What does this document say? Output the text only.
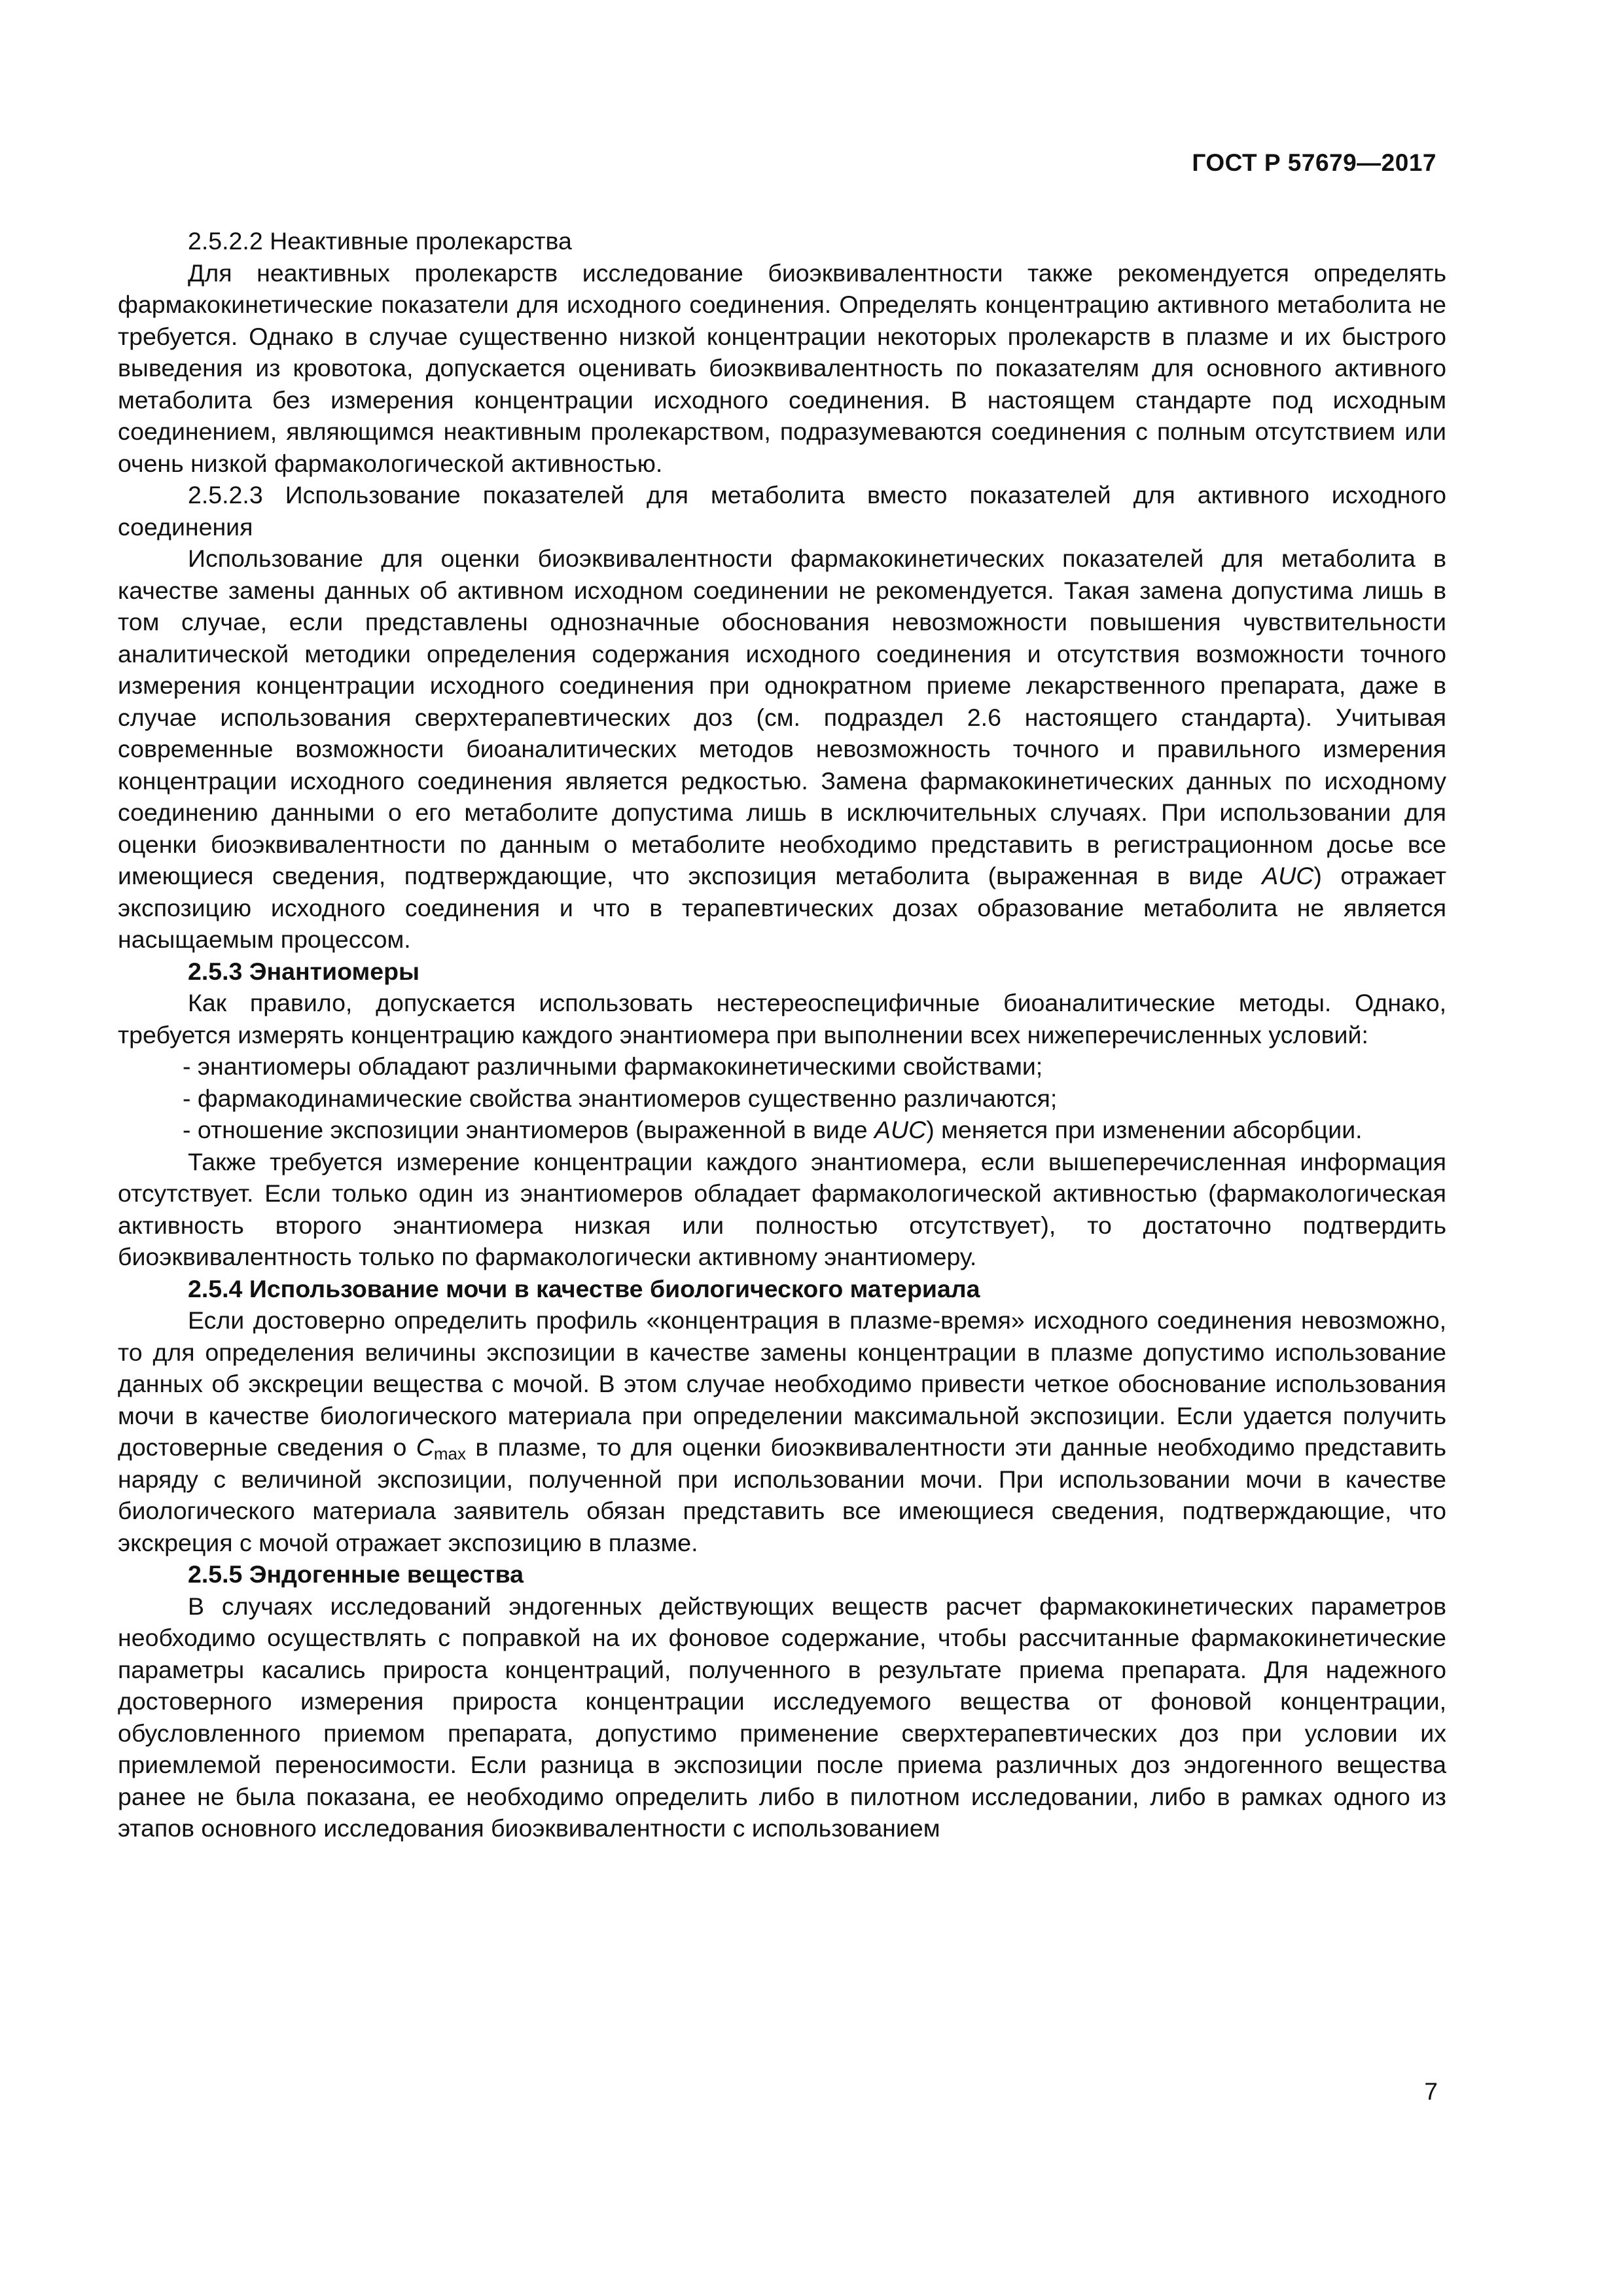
ГОСТ Р 57679—2017

2.5.2.2 Неактивные пролекарства

Для неактивных пролекарств исследование биоэквивалентности также рекомендуется определять фармакокинетические показатели для исходного соединения. Определять концентрацию активного метаболита не требуется. Однако в случае существенно низкой концентрации некоторых пролекарств в плазме и их быстрого выведения из кровотока, допускается оценивать биоэквивалентность по показателям для основного активного метаболита без измерения концентрации исходного соединения. В настоящем стандарте под исходным соединением, являющимся неактивным пролекарством, подразумеваются соединения с полным отсутствием или очень низкой фармакологической активностью.

2.5.2.3 Использование показателей для метаболита вместо показателей для активного исходного соединения

Использование для оценки биоэквивалентности фармакокинетических показателей для метаболита в качестве замены данных об активном исходном соединении не рекомендуется. Такая замена допустима лишь в том случае, если представлены однозначные обоснования невозможности повышения чувствительности аналитической методики определения содержания исходного соединения и отсутствия возможности точного измерения концентрации исходного соединения при однократном приеме лекарственного препарата, даже в случае использования сверхтерапевтических доз (см. подраздел 2.6 настоящего стандарта). Учитывая современные возможности биоаналитических методов невозможность точного и правильного измерения концентрации исходного соединения является редкостью. Замена фармакокинетических данных по исходному соединению данными о его метаболите допустима лишь в исключительных случаях. При использовании для оценки биоэквивалентности по данным о метаболите необходимо представить в регистрационном досье все имеющиеся сведения, подтверждающие, что экспозиция метаболита (выраженная в виде AUC) отражает экспозицию исходного соединения и что в терапевтических дозах образование метаболита не является насыщаемым процессом.

2.5.3 Энантиомеры

Как правило, допускается использовать нестереоспецифичные биоаналитические методы. Однако, требуется измерять концентрацию каждого энантиомера при выполнении всех нижеперечисленных условий:

- энантиомеры обладают различными фармакокинетическими свойствами;

- фармакодинамические свойства энантиомеров существенно различаются;

- отношение экспозиции энантиомеров (выраженной в виде AUC) меняется при изменении абсорбции.

Также требуется измерение концентрации каждого энантиомера, если вышеперечисленная информация отсутствует. Если только один из энантиомеров обладает фармакологической активностью (фармакологическая активность второго энантиомера низкая или полностью отсутствует), то достаточно подтвердить биоэквивалентность только по фармакологически активному энантиомеру.

2.5.4 Использование мочи в качестве биологического материала

Если достоверно определить профиль «концентрация в плазме-время» исходного соединения невозможно, то для определения величины экспозиции в качестве замены концентрации в плазме допустимо использование данных об экскреции вещества с мочой. В этом случае необходимо привести четкое обоснование использования мочи в качестве биологического материала при определении максимальной экспозиции. Если удается получить достоверные сведения о $C_{max}$ в плазме, то для оценки биоэквивалентности эти данные необходимо представить наряду с величиной экспозиции, полученной при использовании мочи. При использовании мочи в качестве биологического материала заявитель обязан представить все имеющиеся сведения, подтверждающие, что экскреция с мочой отражает экспозицию в плазме.

2.5.5 Эндогенные вещества

В случаях исследований эндогенных действующих веществ расчет фармакокинетических параметров необходимо осуществлять с поправкой на их фоновое содержание, чтобы рассчитанные фармакокинетические параметры касались прироста концентраций, полученного в результате приема препарата. Для надежного достоверного измерения прироста концентрации исследуемого вещества от фоновой концентрации, обусловленного приемом препарата, допустимо применение сверхтерапевтических доз при условии их приемлемой переносимости. Если разница в экспозиции после приема различных доз эндогенного вещества ранее не была показана, ее необходимо определить либо в пилотном исследовании, либо в рамках одного из этапов основного исследования биоэквивалентности с использованием

7
